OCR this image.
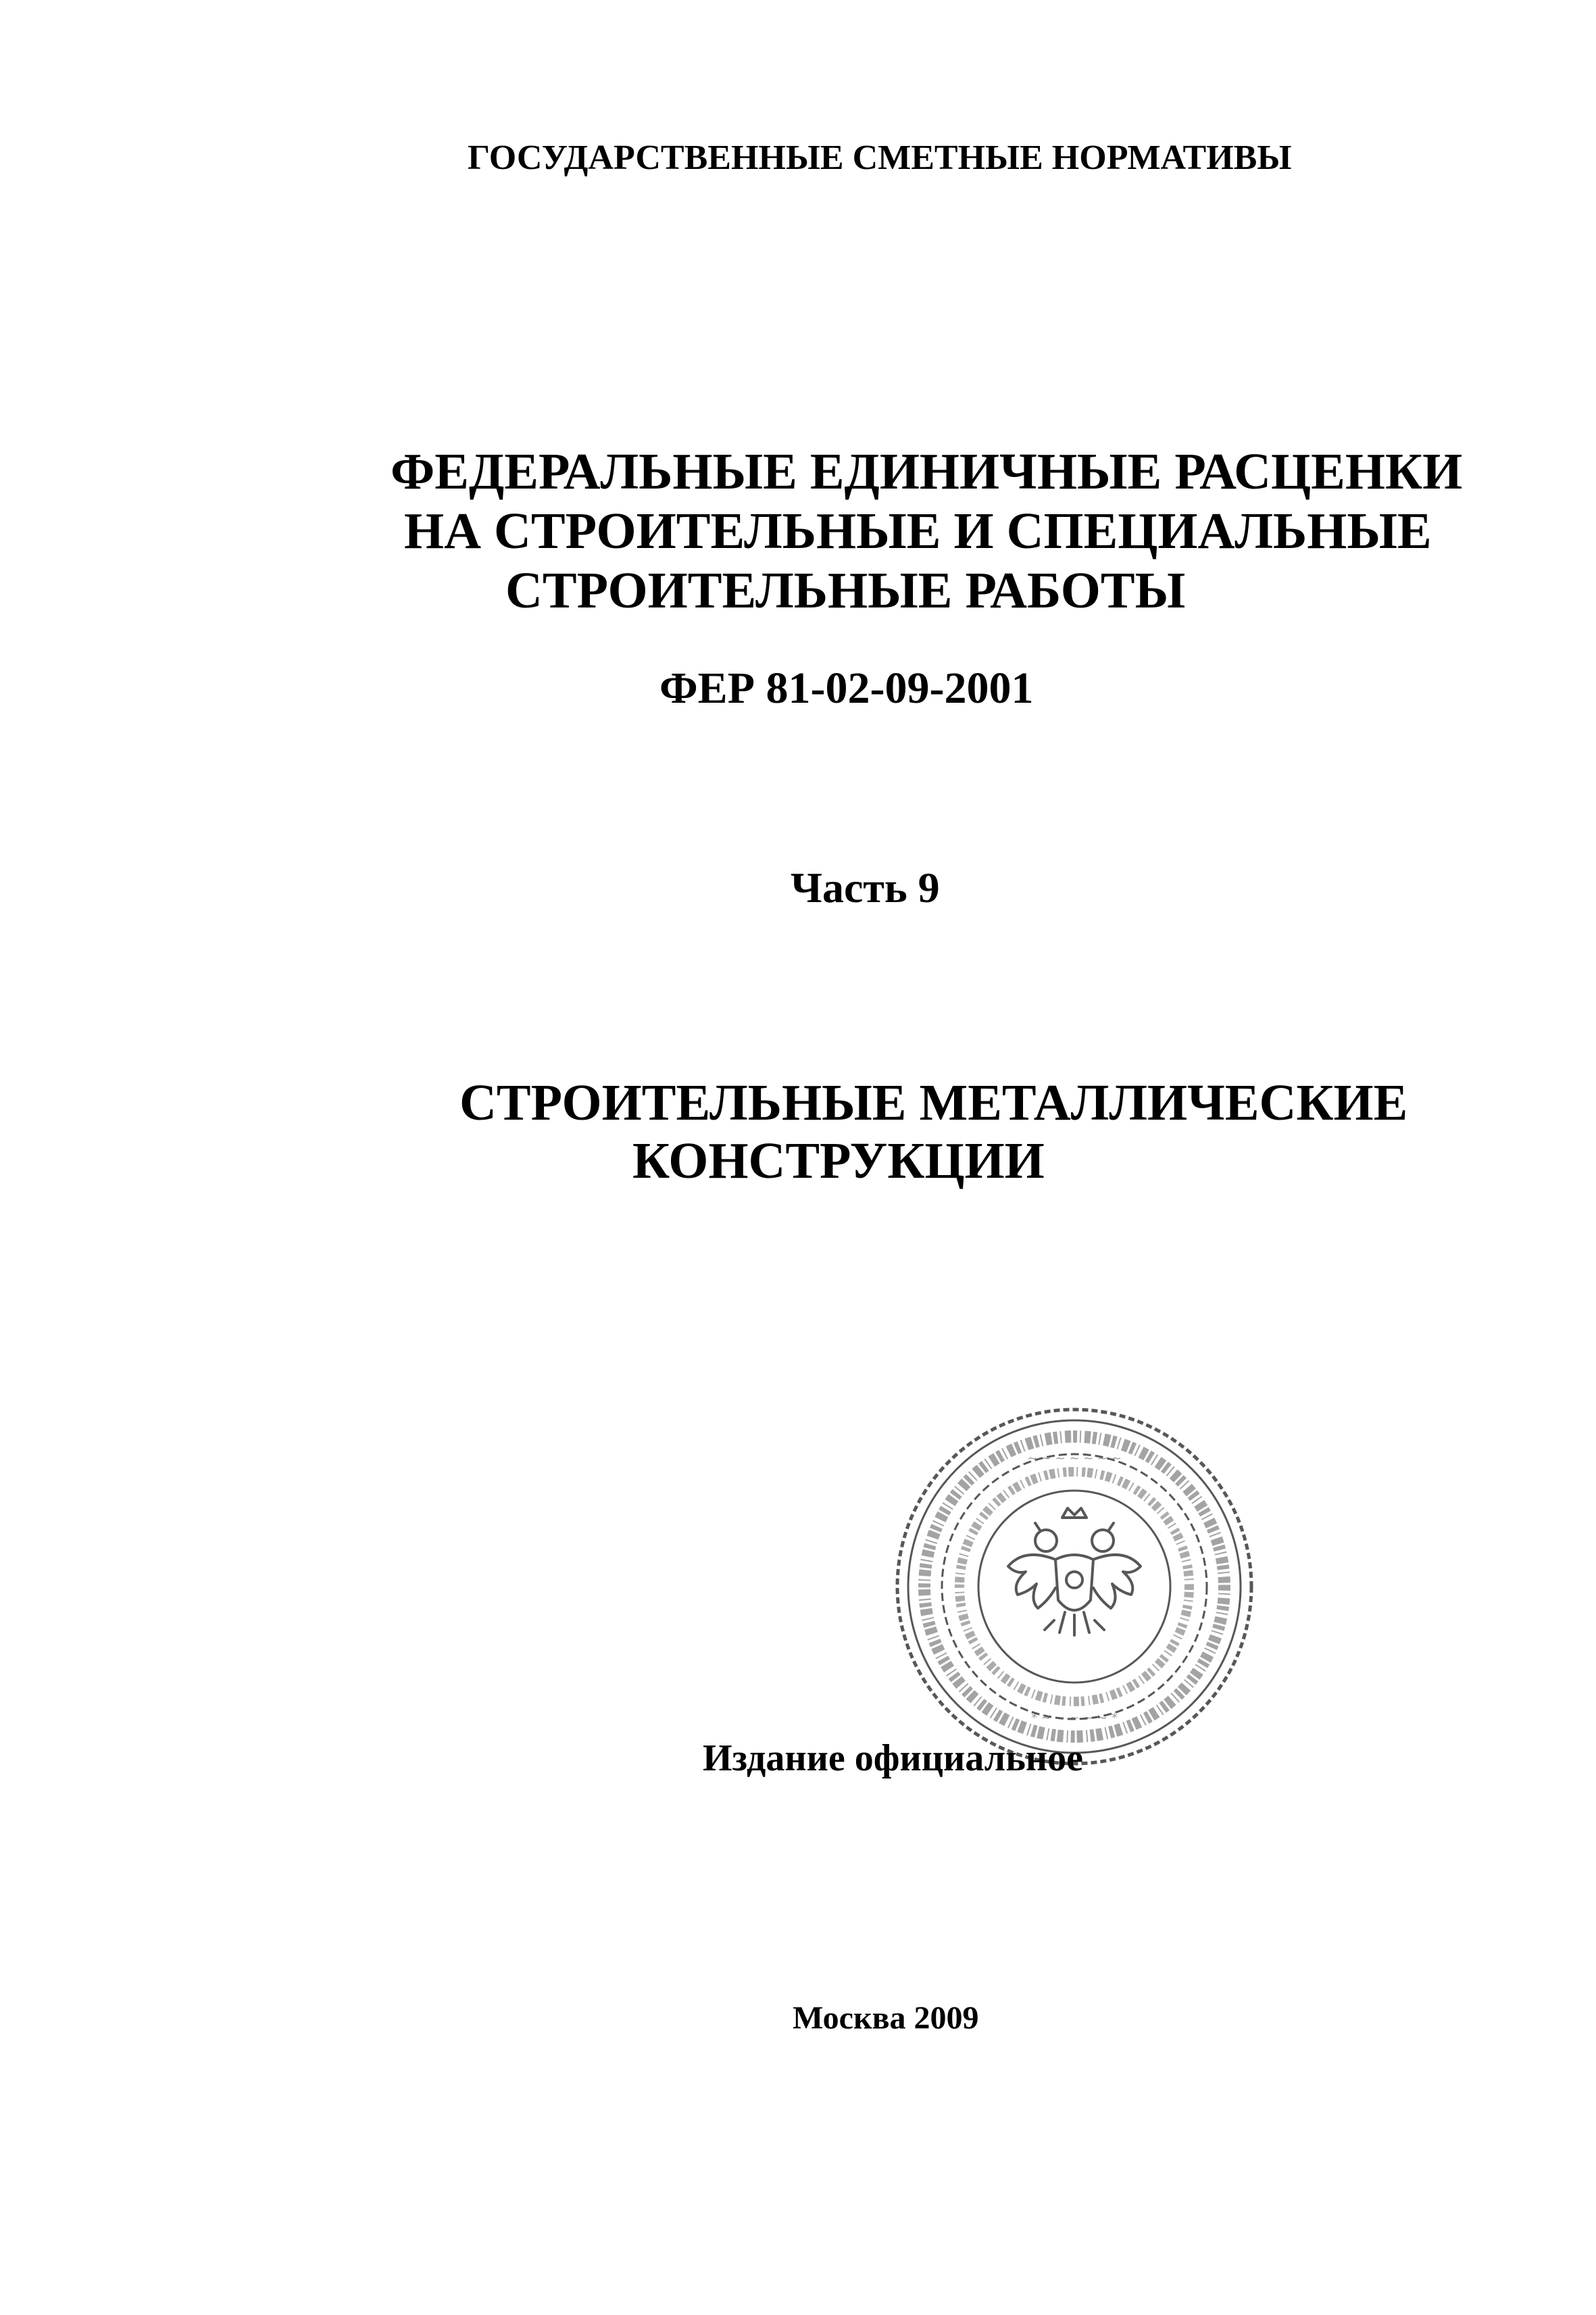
ГОСУДАРСТВЕННЫЕ СМЕТНЫЕ НОРМАТИВЫ

ФЕДЕРАЛЬНЫЕ ЕДИНИЧНЫЕ РАСЦЕНКИ

НА СТРОИТЕЛЬНЫЕ И СПЕЦИАЛЬНЫЕ

СТРОИТЕЛЬНЫЕ РАБОТЫ

ФЕР 81-02-09-2001

Часть 9

СТРОИТЕЛЬНЫЕ МЕТАЛЛИЧЕСКИЕ

КОНСТРУКЦИИ

~ ~ ~ ~ ~ ~ ~
* ~ ~ ~ ~ ~ *

Издание официальное

Москва 2009
